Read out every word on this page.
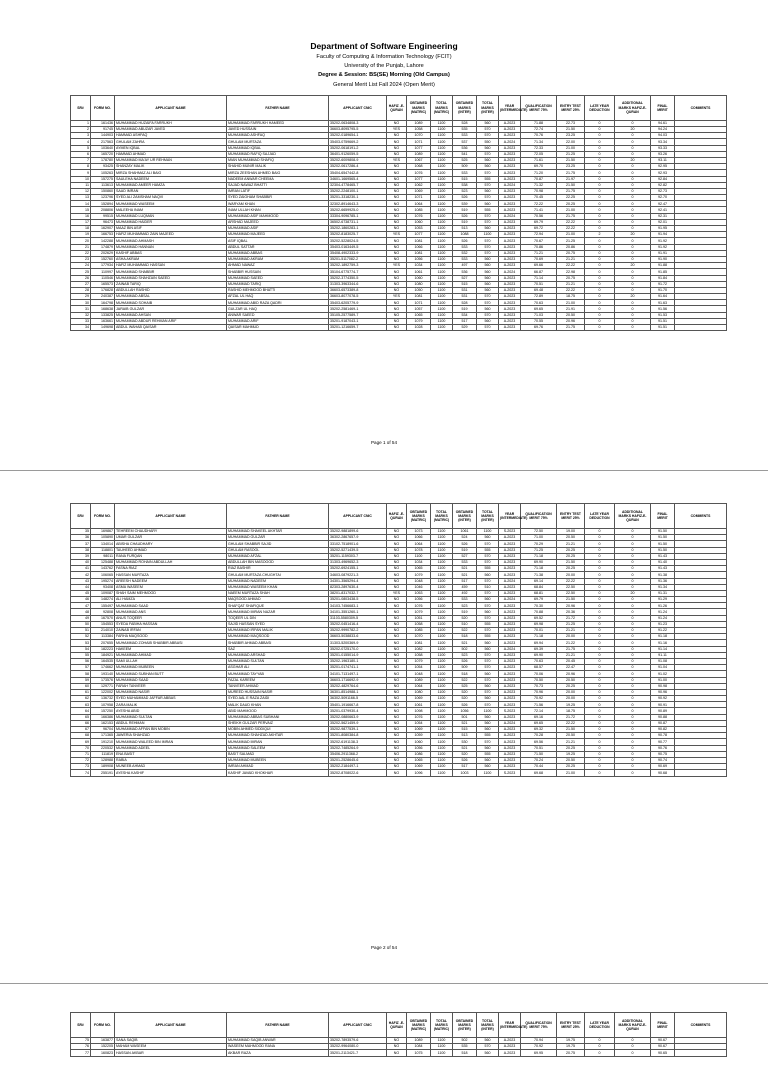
Department of Software Engineering
Faculty of Computing & Information Technology (FCIT)
University of the Punjab, Lahore
Degree & Session: BS(SE) Morning (Old Campus)
General Merit List Fall 2024 (Open Merit)
SR#	FORM NO.	APPLICANT NAME	FATHER NAME	APPLICANT CNIC	HAFIZ -E-QURAN	OBTAINED MARKS (MATRIC)	TOTAL MARKS (MATRIC)	OBTAINED MARKS (INTER)	TOTAL MARKS (INTER)	YEAR (INTERMEDIATE)	QUALIFICATION MERIT 75%	ENTRY TEST MERIT 25%	LATE YEAR DEDUCTION	ADDITIONAL MARKS HAFIZ-E-QURAN	FINAL MERIT	COMMENTS
1	161436	MUHAMMAD HUZAIFA FARRUKH	MUHAMMAD FARRUKH HAMEED	35202-0634808-3	NO	1089	1100	528	560	A-2023	71.88	22.73	0	0	94.61	
2	91745	MUHAMMAD ABUZAR JAVED	JAVED HUSSAIN	36603-8095795-5	YES	1058	1100	535	570	A-2023	72.74	21.50	0	20	94.24	
3	144903	HAMMAD ASHFAQ	MUHAMMAD ASHFAQ	35202-0189654-1	NO	1070	1100	533	570	A-2023	70.76	23.25	0	0	94.03	
4	217563	GHULAM ZAHRA	GHULAM MURTAZA	35403-0759669-2	NO	1071	1100	537	550	A-2024	71.34	22.00	0	0	93.34	
5	103640	AYMEN IQBAL	MUHAMMAD IQBAL	35202-0618191-2	NO	1077	1100	536	560	A-2023	72.33	21.00	0	0	93.33	
6	165720	HAMMAD AHMAD	MUHAMMAD RAFIQ SAJJAD	36401-9126059-5	NO	1089	1100	541	570	A-2023	72.05	21.25	0	0	93.26	
7	178780	MUHAMMAD MA'AY UR REHMAN	MIAN MUHAMMAD SHAFIQ	35202-6009808-9	YES	1067	1100	525	560	A-2023	71.61	21.50	0	20	93.11	
8	93425	SHANZAY MALIK	SHAHID MUNIR MALIK	35202-0617286-4	NO	1068	1100	509	560	A-2023	69.70	23.25	0	0	92.95	
9	105263	MIRZA SHAHMAZ ALI BAIG	MIRZA ZEESHAN AHMED BAIG	35404-6547442-8	NO	1076	1100	533	570	A-2023	71.20	21.75	0	0	92.93	
10	157275	SAULEHA NADEEM	NADEEM ANWAR CHEEMA	34601-1669565-4	NO	1077	1100	515	555	A-2023	70.87	21.97	0	0	92.84	
11	113613	MUHAMMAD AMEER HAMZA	SAJAD NAWAZ BHATTI	32304-4778465-7	NO	1062	1100	538	570	A-2024	71.32	21.50	0	0	92.82	
12	150860	SAAD IMRAN	IMRAN LATIF	35202-2248100-1	NO	1069	1100	523	560	A-2023	70.98	21.75	0	0	92.73	
13	123796	SYED ALI ZAMSHAM NAQVI	SYED ZAIGHAM SHABBIR	35201-3318230-1	NO	1071	1100	526	570	A-2023	70.45	22.25	0	0	92.70	
14	152894	MUHAMMAD WASEEM	WARYAM KHAN	32302-8914643-3	NO	1064	1100	539	560	A-2023	72.22	20.25	0	0	92.47	
15	208806	MALEEHA INAM	INAM ULLAH KHAN	35202-6659925-0	NO	1085	1100	519	555	A-2023	71.41	21.00	0	0	92.41	
16	99515	MUHAMMAD LUQMAN	MUHAMMAD ASIF MAHMOOD	33304-9096785-1	NO	1076	1100	526	570	A-2024	70.56	21.75	0	0	92.31	
17	96473	MUHAMMAD HAIDER	ARSHAD MAJEED	36502-6738731-1	NO	1060	1100	519	570	A-2023	69.79	22.22	0	0	92.01	
18	162907	MAAZ BIN ASIF	MUHAMMAD ASIF	35202-1860283-1	NO	1053	1100	513	560	A-2023	69.72	22.22	0	0	91.95	
19	166753	HAFIZ MUHAMMAD ZAIN MAJEED	MUHAMMAD MAJEED	35202-8183025-7	YES	1077	1100	1088	1100	A-2023	72.94	21.00	2	20	91.94	
20	142288	MUHAMMAD AHMASH	ASIF IQBAL	35202-5228024-5	NO	1081	1100	526	570	A-2023	70.67	21.25	0	0	91.92	
21	174879	MUHAMMAD HANNAN	ABDUL SATTAR	35403-0163449-5	NO	1066	1100	533	570	A-2023	70.86	20.86	0	0	91.92	
22	202629	KASHIF ABBAS	MUHAMMAD ABBAS	35408-4902333-9	NO	1081	1100	532	570	A-2023	71.21	20.75	0	0	91.91	
23	152760	ASHA AKRAM	MUHAMMAD AKRAM	35201-5117082-2	NO	1056	1100	533	560	A-2023	70.69	21.21	0	0	91.90	
24	177934	HAFIZ MUHAMMAD HASSAN	AHMAD NAWAZ	35202-1892759-3	YES	1034	1100	497	560	A-2023	69.66	22.22	0	20	91.88	
25	110997	MUHAMMAD SHABBIR	SHABBIR HUSSAIN	35104-6775774-7	NO	1061	1100	536	560	A-2024	66.87	22.98	0	0	91.85	
26	110546	MUHAMMAD SHAHZAIN SAEED	MUHAMMAD SAEED	35202-3774350-5	NO	1060	1100	527	560	A-2023	71.14	20.75	0	0	91.84	
27	165573	ZAINAB TARIQ	MUHAMMAD TARIQ	31303-3963344-6	NO	1080	1100	515	560	A-2023	70.51	21.21	0	0	91.72	
28	176828	ABDULLAH RASHID	RASHID MEHMOOD BHATTI	36603-6573389-8	NO	1050	1100	531	560	A-2023	69.48	22.22	0	0	91.70	
29	240387	MUHAMMAD ABSAL	AFZAL UL HAQ	36603-8077078-5	YES	1081	1100	531	570	A-2023	72.89	18.75	0	20	91.64	
30	164798	MUHAMMAD SOHAIB	MUHAMMAD ABID RAZA QADRI	35403-6205779-9	NO	1071	1100	528	570	A-2023	70.63	21.00	0	0	91.63	
31	168638	JARAIB GULZAR	GULZAR UL HAQ	35202-2581469-1	NO	1057	1100	519	560	A-2023	69.65	21.91	0	0	91.56	
32	133825	MUHAMMAD AHSAN	ANWAR SAEED	35105-2577589-7	NO	1065	1100	534	570	A-2023	71.03	20.50	0	0	91.53	
33	163661	MUHAMMAD ABDUR REHMAN ARIF	MUHAMMAD ARIF	35201-9187043-1	NO	1079	1100	517	560	A-2023	70.55	20.96	0	0	91.51	
34	149698	ABDUL WAHAB QAISAR	QAISAR MAHMUD	35201-1216659-7	NO	1028	1100	529	570	A-2023	69.76	21.75	0	0	91.51	
Page 1 of 54
SR#	FORM NO.	APPLICANT NAME	FATHER NAME	APPLICANT CNIC	HAFIZ -E-QURAN	OBTAINED MARKS (MATRIC)	TOTAL MARKS (MATRIC)	OBTAINED MARKS (INTER)	TOTAL MARKS (INTER)	YEAR (INTERMEDIATE)	QUALIFICATION MERIT 75%	ENTRY TEST MERIT 25%	LATE YEAR DEDUCTION	ADDITIONAL MARKS HAFIZ-E-QURAN	FINAL MERIT	COMMENTS
35	169867	TEHREEM CHAUDHARY	MUHAMMAD SHAKEEL AKHTAR	35202-9881899-6	NO	1073	1100	1061	1100	S-2023	72.50	19.00	0	0	91.50	
36	105890	UMAR GULZAR	MUHAMMAD GULZAR	36302-2867657-9	NO	1066	1100	524	560	A-2023	71.00	20.50	0	0	91.50	
37	134014	ABISHA CHAUDHARY	GHULAM SHABBIR SAJID	33102-7518901-6	NO	1064	1100	526	570	A-2023	70.29	21.21	0	0	91.50	
38	118801	TAUHEED AHMAD	GHULAM RASOOL	35202-5271439-5	NO	1078	1100	519	555	A-2023	71.25	20.25	0	0	91.50	
39	98011	RANA FURQAN	MUHAMMAD AFZAL	35201-1159303-7	NO	1100	1100	527	570	A-2023	71.18	20.25	0	0	91.43	
40	125488	MUHAMMAD ROHAIN ABDULLAH	ABDULLAH BIN MASOOOD	31303-4969652-3	NO	1034	1100	533	570	A-2023	69.90	21.50	0	0	91.40	
41	143762	FASNA RIAZ	RIAZ BASHIR	35202-6924155-1	NO	1065	1100	521	555	A-2023	71.18	20.25	0	0	91.43	
42	106065	HASSAN MURTAZA	GHULAM MURTAZA CHUGHTAI	34603-0879221-3	NO	1079	1100	521	560	A-2023	71.38	20.00	0	0	91.38	
43	195274	AREESH NADEEM	MUHAMMAD NADEEM	34301-3565294-4	NO	1048	1100	517	570	A-2024	69.14	22.22	0	0	91.36	
44	93408	ASMA WASEEM	MUHAMMAD WASEEM KHAN	82303-2897630-4	NO	1046	1100	459	510	A-2023	68.84	22.50	0	0	91.34	
45	109087	SHAH SAIM MEHMOOD	NAEEM MURTAZA SHAH	38201-8317032-7	YES	1053	1100	492	570	A-2023	68.81	22.50	0	20	91.31	
46	148274	ALI HAMZA	MAQSOOD AHMAD	35201-0803438-5	NO	1056	1100	533	560	A-2024	69.79	21.50	0	0	91.29	
47	155497	MUHAMMAD SAAD	SHAFQAT SHAFIQUE	34103-7456683-1	NO	1076	1100	523	570	A-2023	70.30	20.96	0	0	91.26	
48	92808	MUHAMMAD ANS	MUHAMMAD IMRAN NAZAR	34101-3551260-1	NO	1079	1100	519	560	A-2023	70.88	20.36	0	0	91.24	
49	167570	ANUS TOQEER	TOQEER UL DIN	31103-5580309-5	NO	1051	1100	520	570	A-2023	69.52	21.72	0	0	91.24	
50	154553	SYEDA FABIHA HASSAN	SAJID HASSAN SYED	35202-0451416-4	NO	1058	1100	510	555	A-2023	69.98	21.25	0	0	91.23	
51	214010	ZAINAB IRFAN	MUHAMMAD IRFAN MALIK	35202-9990782-2	NO	1085	1100	522	570	A-2023	70.01	21.21	0	0	91.22	
52	113384	FARHA MAQSOOD	MUHAMMAD MAQSOOD	36603-5038833-6	NO	1070	1100	518	555	A-2023	71.18	20.00	0	0	91.18	
53	207655	MUHAMMAD ZOHAIB SHABBIR ABBASI	SHABBIR AHMAD ABBASI	31303-5200369-9	NO	1081	1100	521	560	A-2023	69.94	21.22	0	0	91.16	
54	182223	HAKEEM	SAZ	35202-0725170-0	NO	1082	1100	502	560	A-2024	69.39	21.75	0	0	91.14	
55	184921	MUHAMMAD AHMAD	MUHAMMAD ARSHAD	35201-0155014-9	NO	1058	1100	523	570	A-2023	69.90	21.21	0	0	91.11	
56	164535	SAMI ULLAH	MUHAMMAD SULTAN	35202-1963180-1	NO	1079	1100	526	570	A-2023	70.63	20.45	0	0	91.08	
57	174662	MUHAMMAD MUBEEN	ASGHAR ALI	35201-0174741-1	NO	1054	1100	509	570	A-2023	68.57	22.47	0	0	91.04	
58	193140	MUHAMMAD SUBHAN BUTT	MUHAMMAD TAYYAB	34101-7131497-1	NO	1048	1100	518	560	A-2023	70.06	20.96	0	0	91.02	
59	173576	MUHAMMAD SAAD	FAZAL KAREEM	36603-1716692-9	NO	1089	1100	522	570	A-2023	70.50	20.50	0	0	91.00	
60	129771	FARAH TANVEER	TANVEER AHMAD	35202-4829764-6	NO	1064	1100	525	560	A-2023	70.73	20.25	0	0	90.98	
61	122002	MUHAMMAD NASIR	MUREED HUSSAIN NASIR	36301-8514988-1	NO	1080	1100	520	570	A-2023	70.96	20.00	0	0	90.96	
62	136732	SYED MUHAMMAD JAFFAR ABBAS	SYED AAL E RAZA ZAIDI	36302-5091166-5	NO	1069	1100	520	560	A-2023	70.92	20.00	0	0	90.92	
63	107958	ZARA MALIK	MALIK DAUD KHAN	35401-1916667-8	NO	1061	1100	526	570	A-2023	71.56	19.25	0	0	90.91	
64	157250	AYESHA ABID	ABID MAHMOOD	35201-0379930-4	NO	1098	1100	1056	1100	S-2023	72.14	18.75	0	0	90.89	
65	166386	MUHAMMAD SULTAN	MUHAMMAD ABBAS SUBHANI	35202-0880663-9	NO	1076	1100	501	560	A-2023	69.16	21.72	0	0	90.88	
66	162153	ABDUL REHMAN	SHEIKH GULZAR PERVAIZ	35202-5621459-9	NO	1054	1100	521	560	A-2024	69.65	22.22	0	0	90.87	
67	96704	MUHAMMAD AFFAN BIN MOBIN	MOBIN AHMED SIDDIQUI	35202-9877539-1	NO	1069	1100	515	560	A-2023	69.32	21.50	0	0	90.82	
68	171365	JAWERIA SHAHZAD	MUHAMMAD SHAHZAD AKHTAR	35201-8080384-8	NO	1059	1100	513	555	A-2023	70.28	20.50	0	0	90.78	
69	191210	MUHAMMAD WALEED BIN IMRAN	MUHAMMAD IMRAN	35202-6191138-3	NO	1060	1100	530	570	A-2023	69.56	21.21	0	0	90.77	
70	220532	MUHAMMAD ADEEL	MUHAMMAD SALEEM	35202-7485264-9	NO	1056	1100	521	560	A-2023	70.51	20.25	0	0	90.76	
71	111819	ENA BASIT	BASIT SALMAD	35406-2911368-2	NO	1086	1100	520	555	A-2023	71.50	19.25	0	0	90.75	
72	128988	RABIA	MUHAMMAD MUBEEN	35201-2528645-6	NO	1065	1100	526	560	A-2023	70.24	20.50	0	0	90.74	
73	189908	MUNEEB AHMAD	IMRAN AHMAD	35202-2184497-1	NO	1069	1100	517	560	A-2023	70.44	20.25	0	0	90.69	
74	255191	AYESHA KASHIF	KASHIF JAVAID KHOKHAR	35202-8708022-6	NO	1096	1100	1003	1100	S-2023	69.68	21.00	0	0	90.68	
Page 2 of 54
SR#	FORM NO.	APPLICANT NAME	FATHER NAME	APPLICANT CNIC	HAFIZ -E-QURAN	OBTAINED MARKS (MATRIC)	TOTAL MARKS (MATRIC)	OBTAINED MARKS (INTER)	TOTAL MARKS (INTER)	YEAR (INTERMEDIATE)	QUALIFICATION MERIT 75%	ENTRY TEST MERIT 25%	LATE YEAR DEDUCTION	ADDITIONAL MARKS HAFIZ-E-QURAN	FINAL MERIT	COMMENTS
75	163877	SANA SAQIB	MUHAMMAD SAQIB ANWAR	35202-7893579-6	NO	1089	1100	502	560	A-2023	70.94	19.75	0	0	90.67	
76	152205	MAHAM WASEEM	WASEEM MAHMOOD RANA	35202-9964080-0	NO	1084	1100	535	570	A-2023	70.92	19.75	0	0	90.67	
77	160823	HASSAN AKBAR	AKBAR RAZA	35201-2113421-7	NO	1075	1100	518	560	A-2023	69.95	20.75	0	0	90.65	
